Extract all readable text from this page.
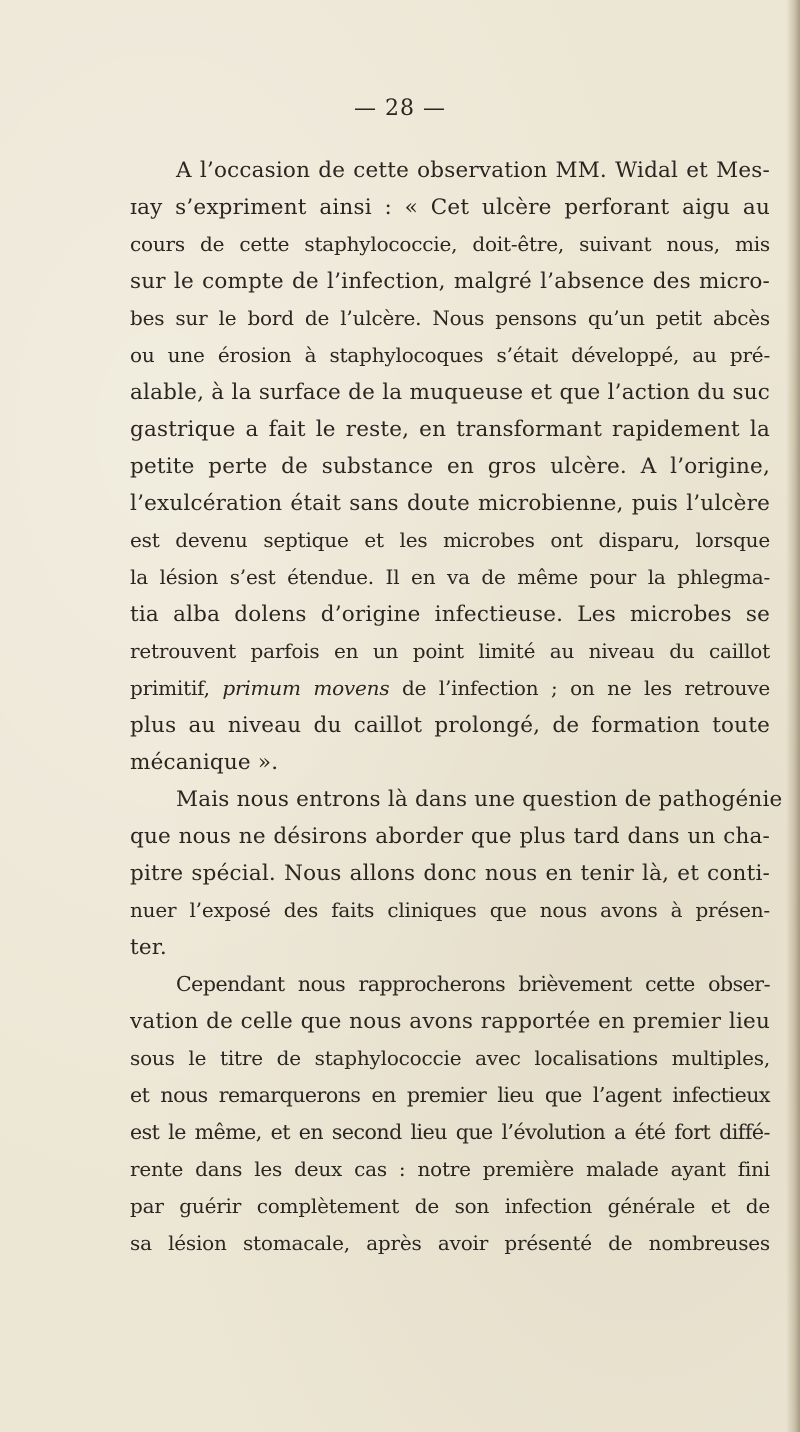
— 28 —
A l’occasion de cette observation MM. Widal et Mes-
ɪay s’expriment ainsi : « Cet ulcère perforant aigu au
cours de cette staphylococcie, doit-être, suivant nous, mis
sur le compte de l’infection, malgré l’absence des micro-
bes sur le bord de l’ulcère. Nous pensons qu’un petit abcès
ou une érosion à staphylocoques s’était développé, au pré-
alable, à la surface de la muqueuse et que l’action du suc
gastrique a fait le reste, en transformant rapidement la
petite perte de substance en gros ulcère. A l’origine,
l’exulcération était sans doute microbienne, puis l’ulcère
est devenu septique et les microbes ont disparu, lorsque
la lésion s’est étendue. Il en va de même pour la phlegma-
tia alba dolens d’origine infectieuse. Les microbes se
retrouvent parfois en un point limité au niveau du caillot
primitif, primum movens de l’infection ; on ne les retrouve
plus au niveau du caillot prolongé, de formation toute
mécanique ».
Mais nous entrons là dans une question de pathogénie
que nous ne désirons aborder que plus tard dans un cha-
pitre spécial. Nous allons donc nous en tenir là, et conti-
nuer l’exposé des faits cliniques que nous avons à présen-
ter.
Cependant nous rapprocherons brièvement cette obser-
vation de celle que nous avons rapportée en premier lieu
sous le titre de staphylococcie avec localisations multiples,
et nous remarquerons en premier lieu que l’agent infectieux
est le même, et en second lieu que l’évolution a été fort diffé-
rente dans les deux cas : notre première malade ayant fini
par guérir complètement de son infection générale et de
sa lésion stomacale, après avoir présenté de nombreuses
